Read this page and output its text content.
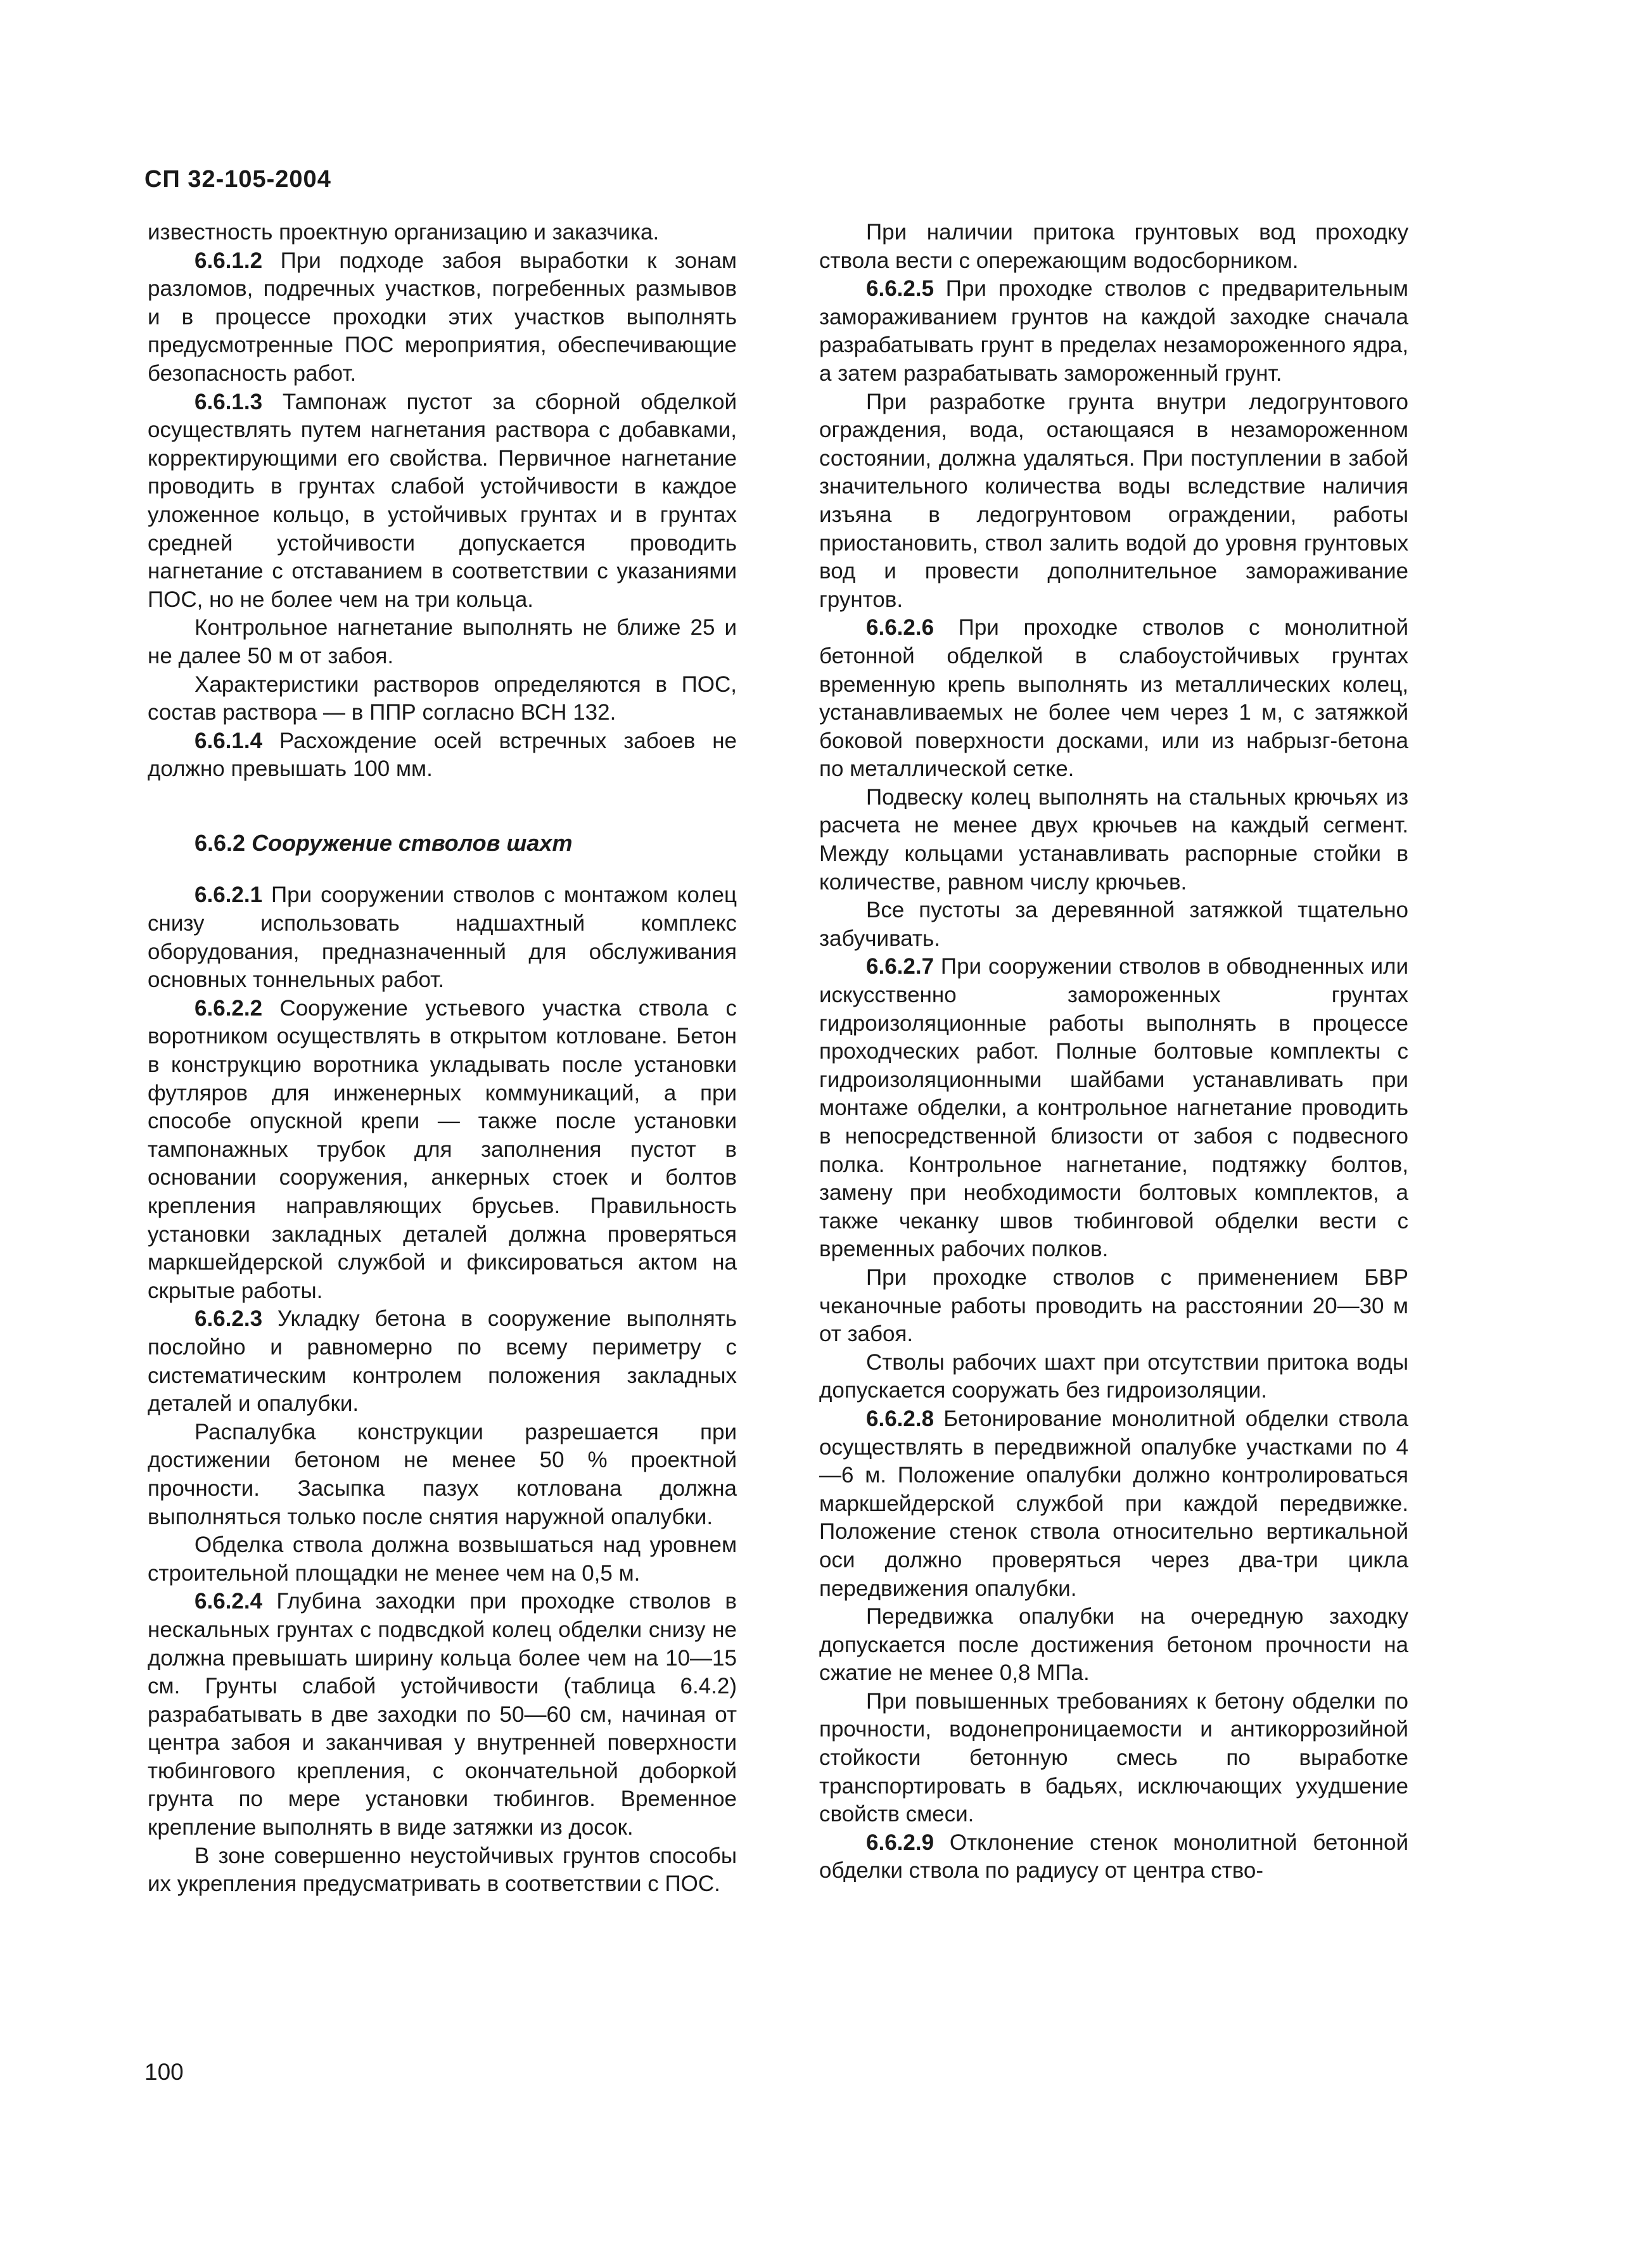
СП 32-105-2004

известность проектную организацию и заказчика.

6.6.1.2 При подходе забоя выработки к зонам разломов, подречных участков, погребенных размывов и в процессе проходки этих участков выполнять предусмотренные ПОС мероприятия, обеспечивающие безопасность работ.

6.6.1.3 Тампонаж пустот за сборной обделкой осуществлять путем нагнетания раствора с добавками, корректирующими его свойства. Первичное нагнетание проводить в грунтах слабой устойчивости в каждое уложенное кольцо, в устойчивых грунтах и в грунтах средней устойчивости допускается проводить нагнетание с отставанием в соответствии с указаниями ПОС, но не более чем на три кольца.

Контрольное нагнетание выполнять не ближе 25 и не далее 50 м от забоя.

Характеристики растворов определяются в ПОС, состав раствора — в ППР согласно ВСН 132.

6.6.1.4 Расхождение осей встречных забоев не должно превышать 100 мм.

6.6.2 Сооружение стволов шахт

6.6.2.1 При сооружении стволов с монтажом колец снизу использовать надшахтный комплекс оборудования, предназначенный для обслуживания основных тоннельных работ.

6.6.2.2 Сооружение устьевого участка ствола с воротником осуществлять в открытом котловане. Бетон в конструкцию воротника укладывать после установки футляров для инженерных коммуникаций, а при способе опускной крепи — также после установки тампонажных трубок для заполнения пустот в основании сооружения, анкерных стоек и болтов крепления направляющих брусьев. Правильность установки закладных деталей должна проверяться маркшейдерской службой и фиксироваться актом на скрытые работы.

6.6.2.3 Укладку бетона в сооружение выполнять послойно и равномерно по всему периметру с систематическим контролем положения закладных деталей и опалубки.

Распалубка конструкции разрешается при достижении бетоном не менее 50 % проектной прочности. Засыпка пазух котлована должна выполняться только после снятия наружной опалубки.

Обделка ствола должна возвышаться над уровнем строительной площадки не менее чем на 0,5 м.

6.6.2.4 Глубина заходки при проходке стволов в нескальных грунтах с подвсдкой колец обделки снизу не должна превышать ширину кольца более чем на 10—15 см. Грунты слабой устойчивости (таблица 6.4.2) разрабатывать в две заходки по 50—60 см, начиная от центра забоя и заканчивая у внутренней поверхности тюбингового крепления, с окончательной доборкой грунта по мере установки тюбингов. Временное крепление выполнять в виде затяжки из досок.

В зоне совершенно неустойчивых грунтов способы их укрепления предусматривать в соответствии с ПОС.

При наличии притока грунтовых вод проходку ствола вести с опережающим водосборником.

6.6.2.5 При проходке стволов с предварительным замораживанием грунтов на каждой заходке сначала разрабатывать грунт в пределах незамороженного ядра, а затем разрабатывать замороженный грунт.

При разработке грунта внутри ледогрунтового ограждения, вода, остающаяся в незамороженном состоянии, должна удаляться. При поступлении в забой значительного количества воды вследствие наличия изъяна в ледогрунтовом ограждении, работы приостановить, ствол залить водой до уровня грунтовых вод и провести дополнительное замораживание грунтов.

6.6.2.6 При проходке стволов с монолитной бетонной обделкой в слабоустойчивых грунтах временную крепь выполнять из металлических колец, устанавливаемых не более чем через 1 м, с затяжкой боковой поверхности досками, или из набрызг-бетона по металлической сетке.

Подвеску колец выполнять на стальных крючьях из расчета не менее двух крючьев на каждый сегмент. Между кольцами устанавливать распорные стойки в количестве, равном числу крючьев.

Все пустоты за деревянной затяжкой тщательно забучивать.

6.6.2.7 При сооружении стволов в обводненных или искусственно замороженных грунтах гидроизоляционные работы выполнять в процессе проходческих работ. Полные болтовые комплекты с гидроизоляционными шайбами устанавливать при монтаже обделки, а контрольное нагнетание проводить в непосредственной близости от забоя с подвесного полка. Контрольное нагнетание, подтяжку болтов, замену при необходимости болтовых комплектов, а также чеканку швов тюбинговой обделки вести с временных рабочих полков.

При проходке стволов с применением БВР чеканочные работы проводить на расстоянии 20—30 м от забоя.

Стволы рабочих шахт при отсутствии притока воды допускается сооружать без гидроизоляции.

6.6.2.8 Бетонирование монолитной обделки ствола осуществлять в передвижной опалубке участками по 4—6 м. Положение опалубки должно контролироваться маркшейдерской службой при каждой передвижке. Положение стенок ствола относительно вертикальной оси должно проверяться через два-три цикла передвижения опалубки.

Передвижка опалубки на очередную заходку допускается после достижения бетоном прочности на сжатие не менее 0,8 МПа.

При повышенных требованиях к бетону обделки по прочности, водонепроницаемости и антикоррозийной стойкости бетонную смесь по выработке транспортировать в бадьях, исключающих ухудшение свойств смеси.

6.6.2.9 Отклонение стенок монолитной бетонной обделки ствола по радиусу от центра ство-

100
